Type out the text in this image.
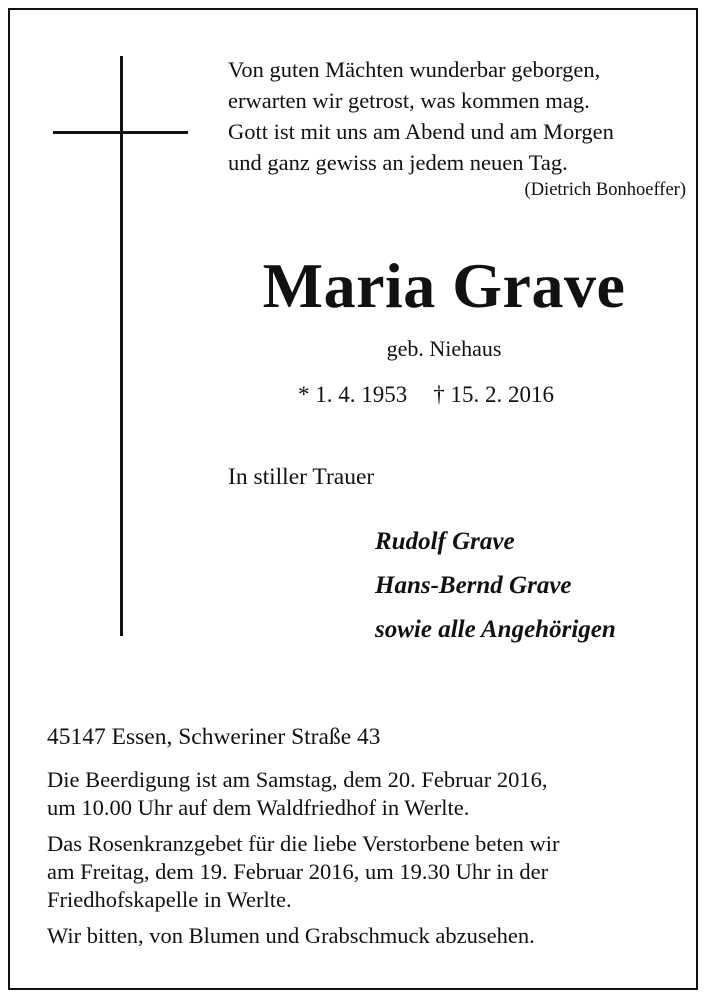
Von guten Mächten wunderbar geborgen,
erwarten wir getrost, was kommen mag.
Gott ist mit uns am Abend und am Morgen
und ganz gewiss an jedem neuen Tag.
(Dietrich Bonhoeffer)
Maria Grave
geb. Niehaus
* 1. 4. 1953 † 15. 2. 2016
In stiller Trauer
Rudolf Grave
Hans-Bernd Grave
sowie alle Angehörigen
45147 Essen, Schweriner Straße 43

Die Beerdigung ist am Samstag, dem 20. Februar 2016,
um 10.00 Uhr auf dem Waldfriedhof in Werlte.

Das Rosenkranzgebet für die liebe Verstorbene beten wir
am Freitag, dem 19. Februar 2016, um 19.30 Uhr in der
Friedhofskapelle in Werlte.

Wir bitten, von Blumen und Grabschmuck abzusehen.
